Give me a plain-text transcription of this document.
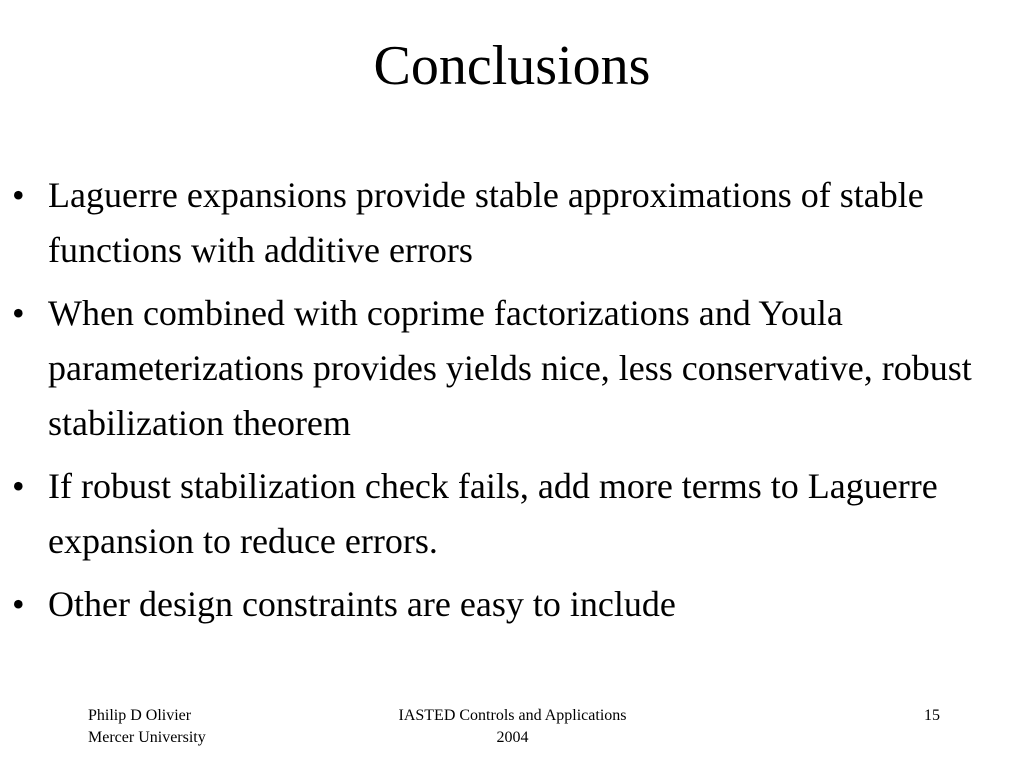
Conclusions
• Laguerre expansions provide stable approximations of stable functions with additive errors
• When combined with coprime factorizations and Youla parameterizations provides yields nice, less conservative, robust stabilization theorem
• If robust stabilization check fails, add more terms to Laguerre expansion to reduce errors.
• Other design constraints are easy to include
Philip D Olivier
Mercer University
IASTED Controls and Applications
2004
15
